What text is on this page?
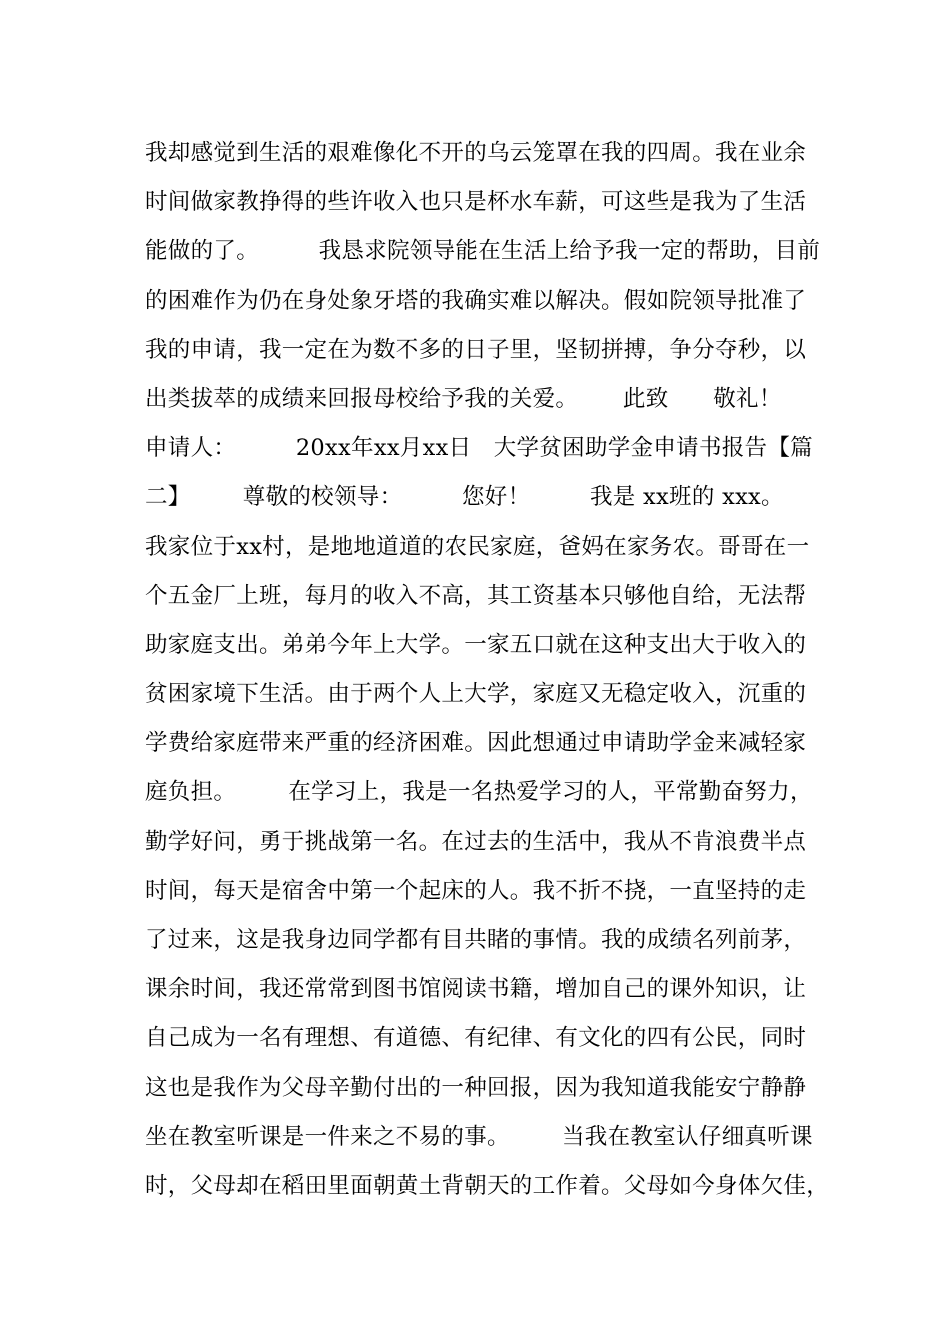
我却感觉到生活的艰难像化不开的乌云笼罩在我的四周。我在业余
时间做家教挣得的些许收入也只是杯水车薪，可这些是我为了生活
能做的了。        我恳求院领导能在生活上给予我一定的帮助，目前
的困难作为仍在身处象牙塔的我确实难以解决。假如院领导批准了
我的申请，我一定在为数不多的日子里，坚韧拼搏，争分夺秒，以
出类拔萃的成绩来回报母校给予我的关爱。      此致      敬礼！
申请人：        20xx年xx月xx日   大学贫困助学金申请书报告【篇
二】       尊敬的校领导：        您好！        我是 xx班的 xxx。
我家位于xx村，是地地道道的农民家庭，爸妈在家务农。哥哥在一
个五金厂上班，每月的收入不高，其工资基本只够他自给，无法帮
助家庭支出。弟弟今年上大学。一家五口就在这种支出大于收入的
贫困家境下生活。由于两个人上大学，家庭又无稳定收入，沉重的
学费给家庭带来严重的经济困难。因此想通过申请助学金来减轻家
庭负担。       在学习上，我是一名热爱学习的人，平常勤奋努力，
勤学好问，勇于挑战第一名。在过去的生活中，我从不肯浪费半点
时间，每天是宿舍中第一个起床的人。我不折不挠，一直坚持的走
了过来，这是我身边同学都有目共睹的事情。我的成绩名列前茅，
课余时间，我还常常到图书馆阅读书籍，增加自己的课外知识，让
自己成为一名有理想、有道德、有纪律、有文化的四有公民，同时
这也是我作为父母辛勤付出的一种回报，因为我知道我能安宁静静
坐在教室听课是一件来之不易的事。       当我在教室认仔细真听课
时，父母却在稻田里面朝黄土背朝天的工作着。父母如今身体欠佳，
